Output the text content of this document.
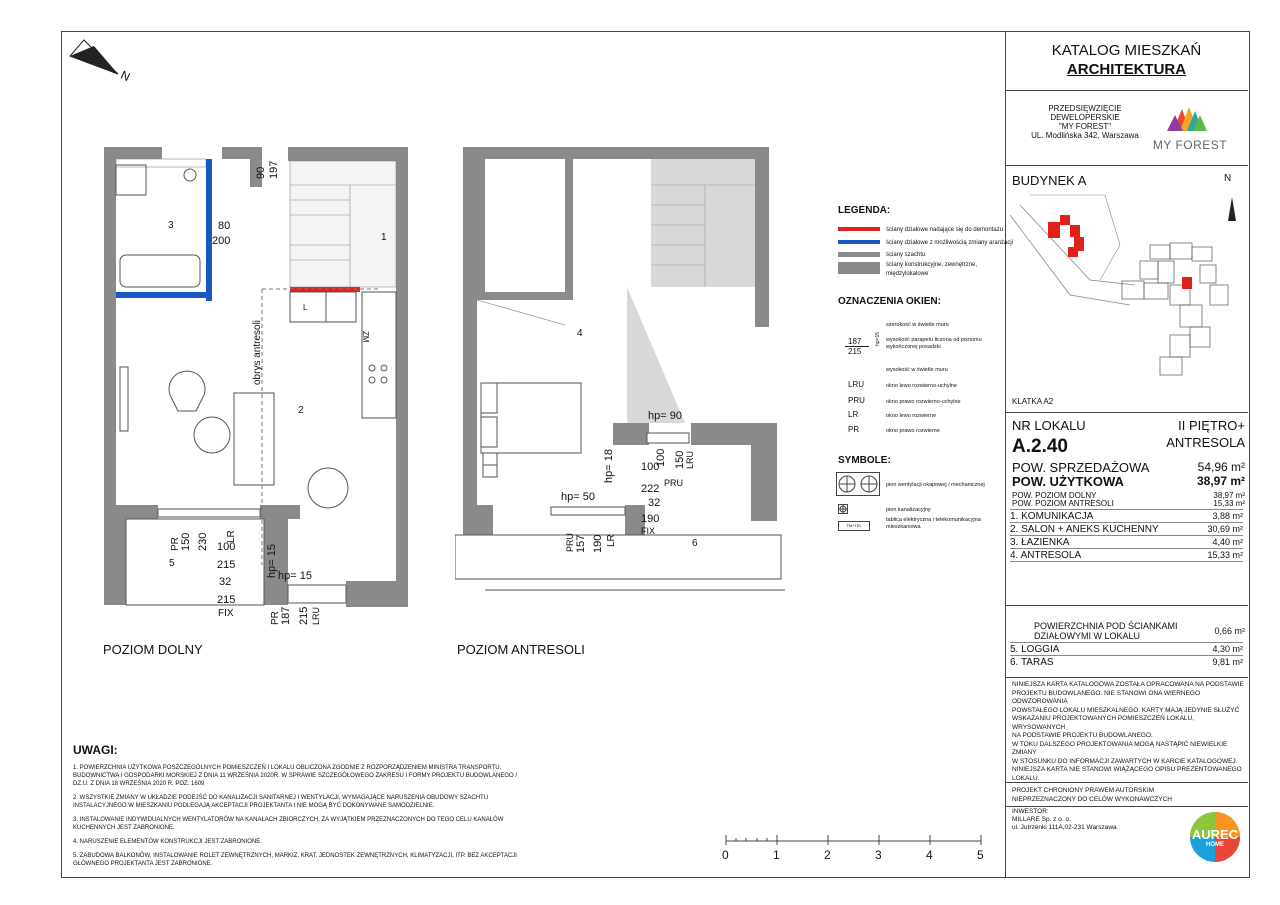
KATALOG MIESZKAŃ
ARCHITEKTURA
PRZEDSIĘWZIĘCIE
DEWELOPERSKIE
"MY FOREST"
UL. Modlińska 342, Warszawa
MY FOREST
BUDYNEK A	N
KLATKA A2
NR LOKALU	II PIĘTRO+
A.2.40	ANTRESOLA
POW. SPRZEDAŻOWA	54,96 m²
POW. UŻYTKOWA	38,97 m²
POW. POZIOM DOLNY	38,97 m²
POW. POZIOM ANTRESOLI	15,33 m²
1. KOMUNIKACJA	3,88 m²
2. SALON + ANEKS KUCHENNY	30,69 m²
3. ŁAZIENKA	4,40 m²
4. ANTRESOLA	15,33 m²
POWIERZCHNIA POD ŚCIANKAMI
DZIAŁOWYMI W LOKALU	0,66 m²
5. LOGGIA	4,30 m²
6. TARAS	9,81 m²
NINIEJSZA KARTA KATALOGOWA ZOSTAŁA OPRACOWANA NA PODSTAWIE
PROJEKTU BUDOWLANEGO. NIE STANOWI ONA WIERNEGO ODWZOROWANIA
POWSTAŁEGO LOKALU MIESZKALNEGO. KARTY MAJĄ JEDYNIE SŁUŻYĆ
WSKAZANIU PROJEKTOWANYCH POMIESZCZEŃ LOKALU, WRYSOWANYCH
NA PODSTAWIE PROJEKTU BUDOWLANEGO.
W TOKU DALSZEGO PROJEKTOWANIA MOGĄ NASTĄPIĆ NIEWIELKIE ZMIANY
W STOSUNKU DO INFORMACJI ZAWARTYCH W KARCIE KATALOGOWEJ.
NINIEJSZA KARTA NIE STANOWI WIĄŻĄCEGO OPISU PREZENTOWANEGO
LOKALU.
PROJEKT CHRONIONY PRAWEM AUTORSKIM
NIEPRZEZNACZONY DO CELÓW WYKONAWCZYCH
INWESTOR:
MILLARE Sp. z o. o.
ul. Jutrzenki 111A,02-231 Warszawa	AUREC
HOME
LEGENDA:
ściany działowe nadające się do demontażu
ściany działowe z możliwością zmiany aranżacji
ściany szachtu
ściany konstrukcyjne, zewnętrzne, międzylokalowe
OZNACZENIA OKIEN:
187
215
hp=15
szerokość w świetle muru
wysokość parapetu liczona od poziomu wykończonej posadzki
wysokość w świetle muru
LRU	okno lewo rozwierno-uchylne
PRU	okno prawo rozwierno-uchylne
LR	okno lewo rozwierne
PR	okno prawo rozwierne
SYMBOLE:
pion wentylacji okapowej / mechanicznej
pion kanalizacyjny
TM+TEL
tablica elektryczna i telekomunikacyjna mieszkaniowa
N
1
2
3
5
90 197
80
200
obrys antresoli
L
ZM
PR 150 230 LR
100
215
32
215
FIX
hp= 15 hp= 15
PR 187 215 LRU
POZIOM DOLNY
4
6
hp= 90
100 150 LRU
100
hp= 18	PRU
222
32
190
FIX
hp= 50
PRU 157 190 LR
POZIOM ANTRESOLI
UWAGI:
1. POWIERZCHNIA UŻYTKOWA POSZCZEGÓLNYCH POMIESZCZEŃ I LOKALU OBLICZONA ZGODNIE Z ROZPORZĄDZENIEM MINISTRA TRANSPORTU, BUDOWNICTWA I GOSPODARKI MORSKIEJ Z DNIA 11 WRZEŚNIA 2020R. W SPRAWIE SZCZEGÓŁOWEGO ZAKRESU I FORMY PROJEKTU BUDOWLANEGO / DZ.U. Z DNIA 18 WRZEŚNIA 2020 R. POZ. 1609
2. WSZYSTKIE ZMIANY W UKŁADZIE PODEJŚĆ DO KANALIZACJI SANITARNEJ I WENTYLACJI, WYMAGAJĄCE NARUSZENIA OBUDOWY SZACHTU INSTALACYJNEGO W MIESZKANIU PODLEGAJĄ AKCEPTACJI PROJEKTANTA I NIE MOGĄ BYĆ DOKONYWANE SAMODZIELNIE.
3. INSTALOWANIE INDYWIDUALNYCH WENTYLATORÓW NA KANAŁACH ZBIORCZYCH, ZA WYJĄTKIEM PRZEZNACZONYCH DO TEGO CELU KANAŁÓW KUCHENNYCH JEST ZABRONIONE.
4. NARUSZENIE ELEMENTÓW KONSTRUKCJI JEST ZABRONIONE.
5. ZABUDOWA BALKONÓW, INSTALOWANIE ROLET ZEWNĘTRZNYCH, MARKIZ, KRAT, JEDNOSTEK ZEWNĘTRZNYCH, KLIMATYZACJI, ITP. BEZ AKCEPTACJI GŁÓWNEGO PROJEKTANTA JEST ZABRONIONE.
0	1	2	3	4	5
